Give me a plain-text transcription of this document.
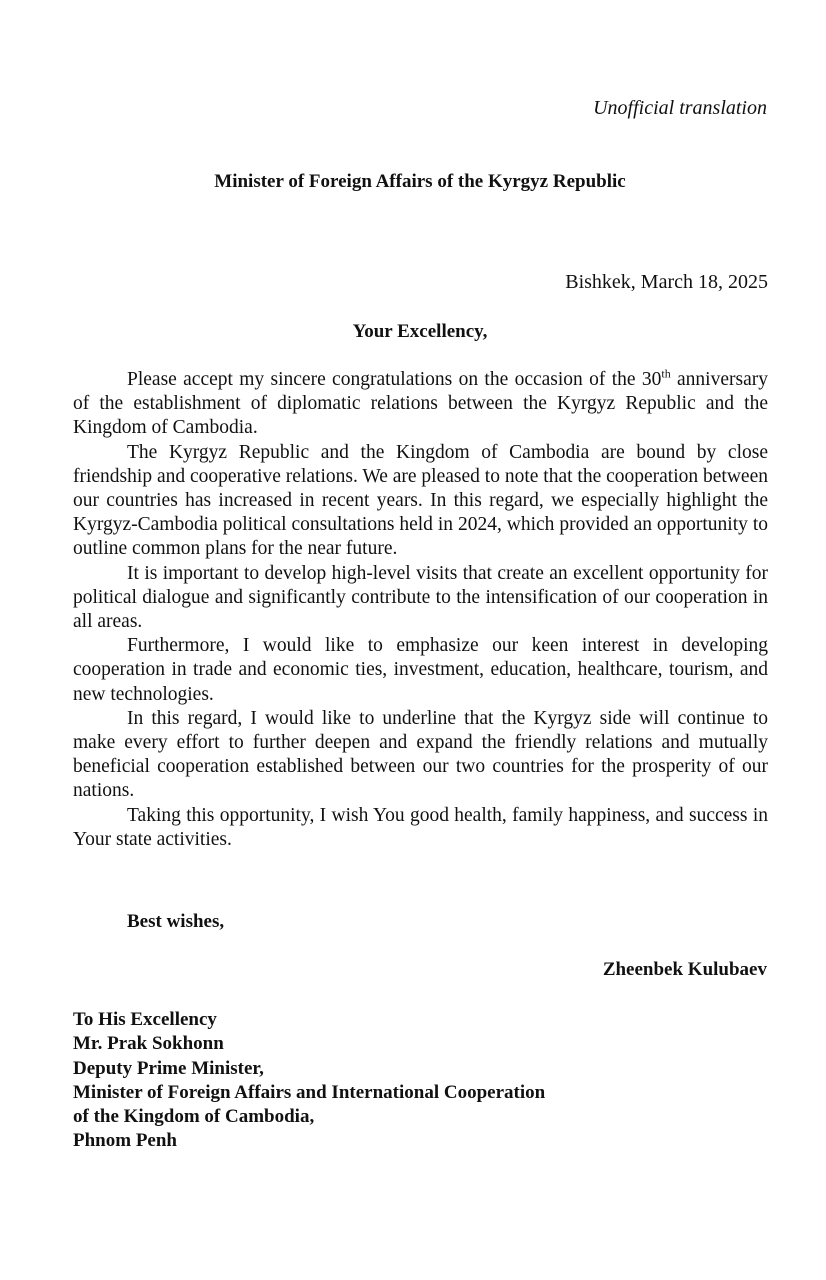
Unofficial translation
Minister of Foreign Affairs of the Kyrgyz Republic
Bishkek, March 18, 2025
Your Excellency,

Please accept my sincere congratulations on the occasion of the 30th anniversary of the establishment of diplomatic relations between the Kyrgyz Republic and the Kingdom of Cambodia.

The Kyrgyz Republic and the Kingdom of Cambodia are bound by close friendship and cooperative relations. We are pleased to note that the cooperation between our countries has increased in recent years. In this regard, we especially highlight the Kyrgyz-Cambodia political consultations held in 2024, which provided an opportunity to outline common plans for the near future.

It is important to develop high-level visits that create an excellent opportunity for political dialogue and significantly contribute to the intensification of our cooperation in all areas.

Furthermore, I would like to emphasize our keen interest in developing cooperation in trade and economic ties, investment, education, healthcare, tourism, and new technologies.

In this regard, I would like to underline that the Kyrgyz side will continue to make every effort to further deepen and expand the friendly relations and mutually beneficial cooperation established between our two countries for the prosperity of our nations.

Taking this opportunity, I wish You good health, family happiness, and success in Your state activities.

Best wishes,
Zheenbek Kulubaev
To His Excellency
Mr. Prak Sokhonn
Deputy Prime Minister,
Minister of Foreign Affairs and International Cooperation
of the Kingdom of Cambodia,
Phnom Penh
